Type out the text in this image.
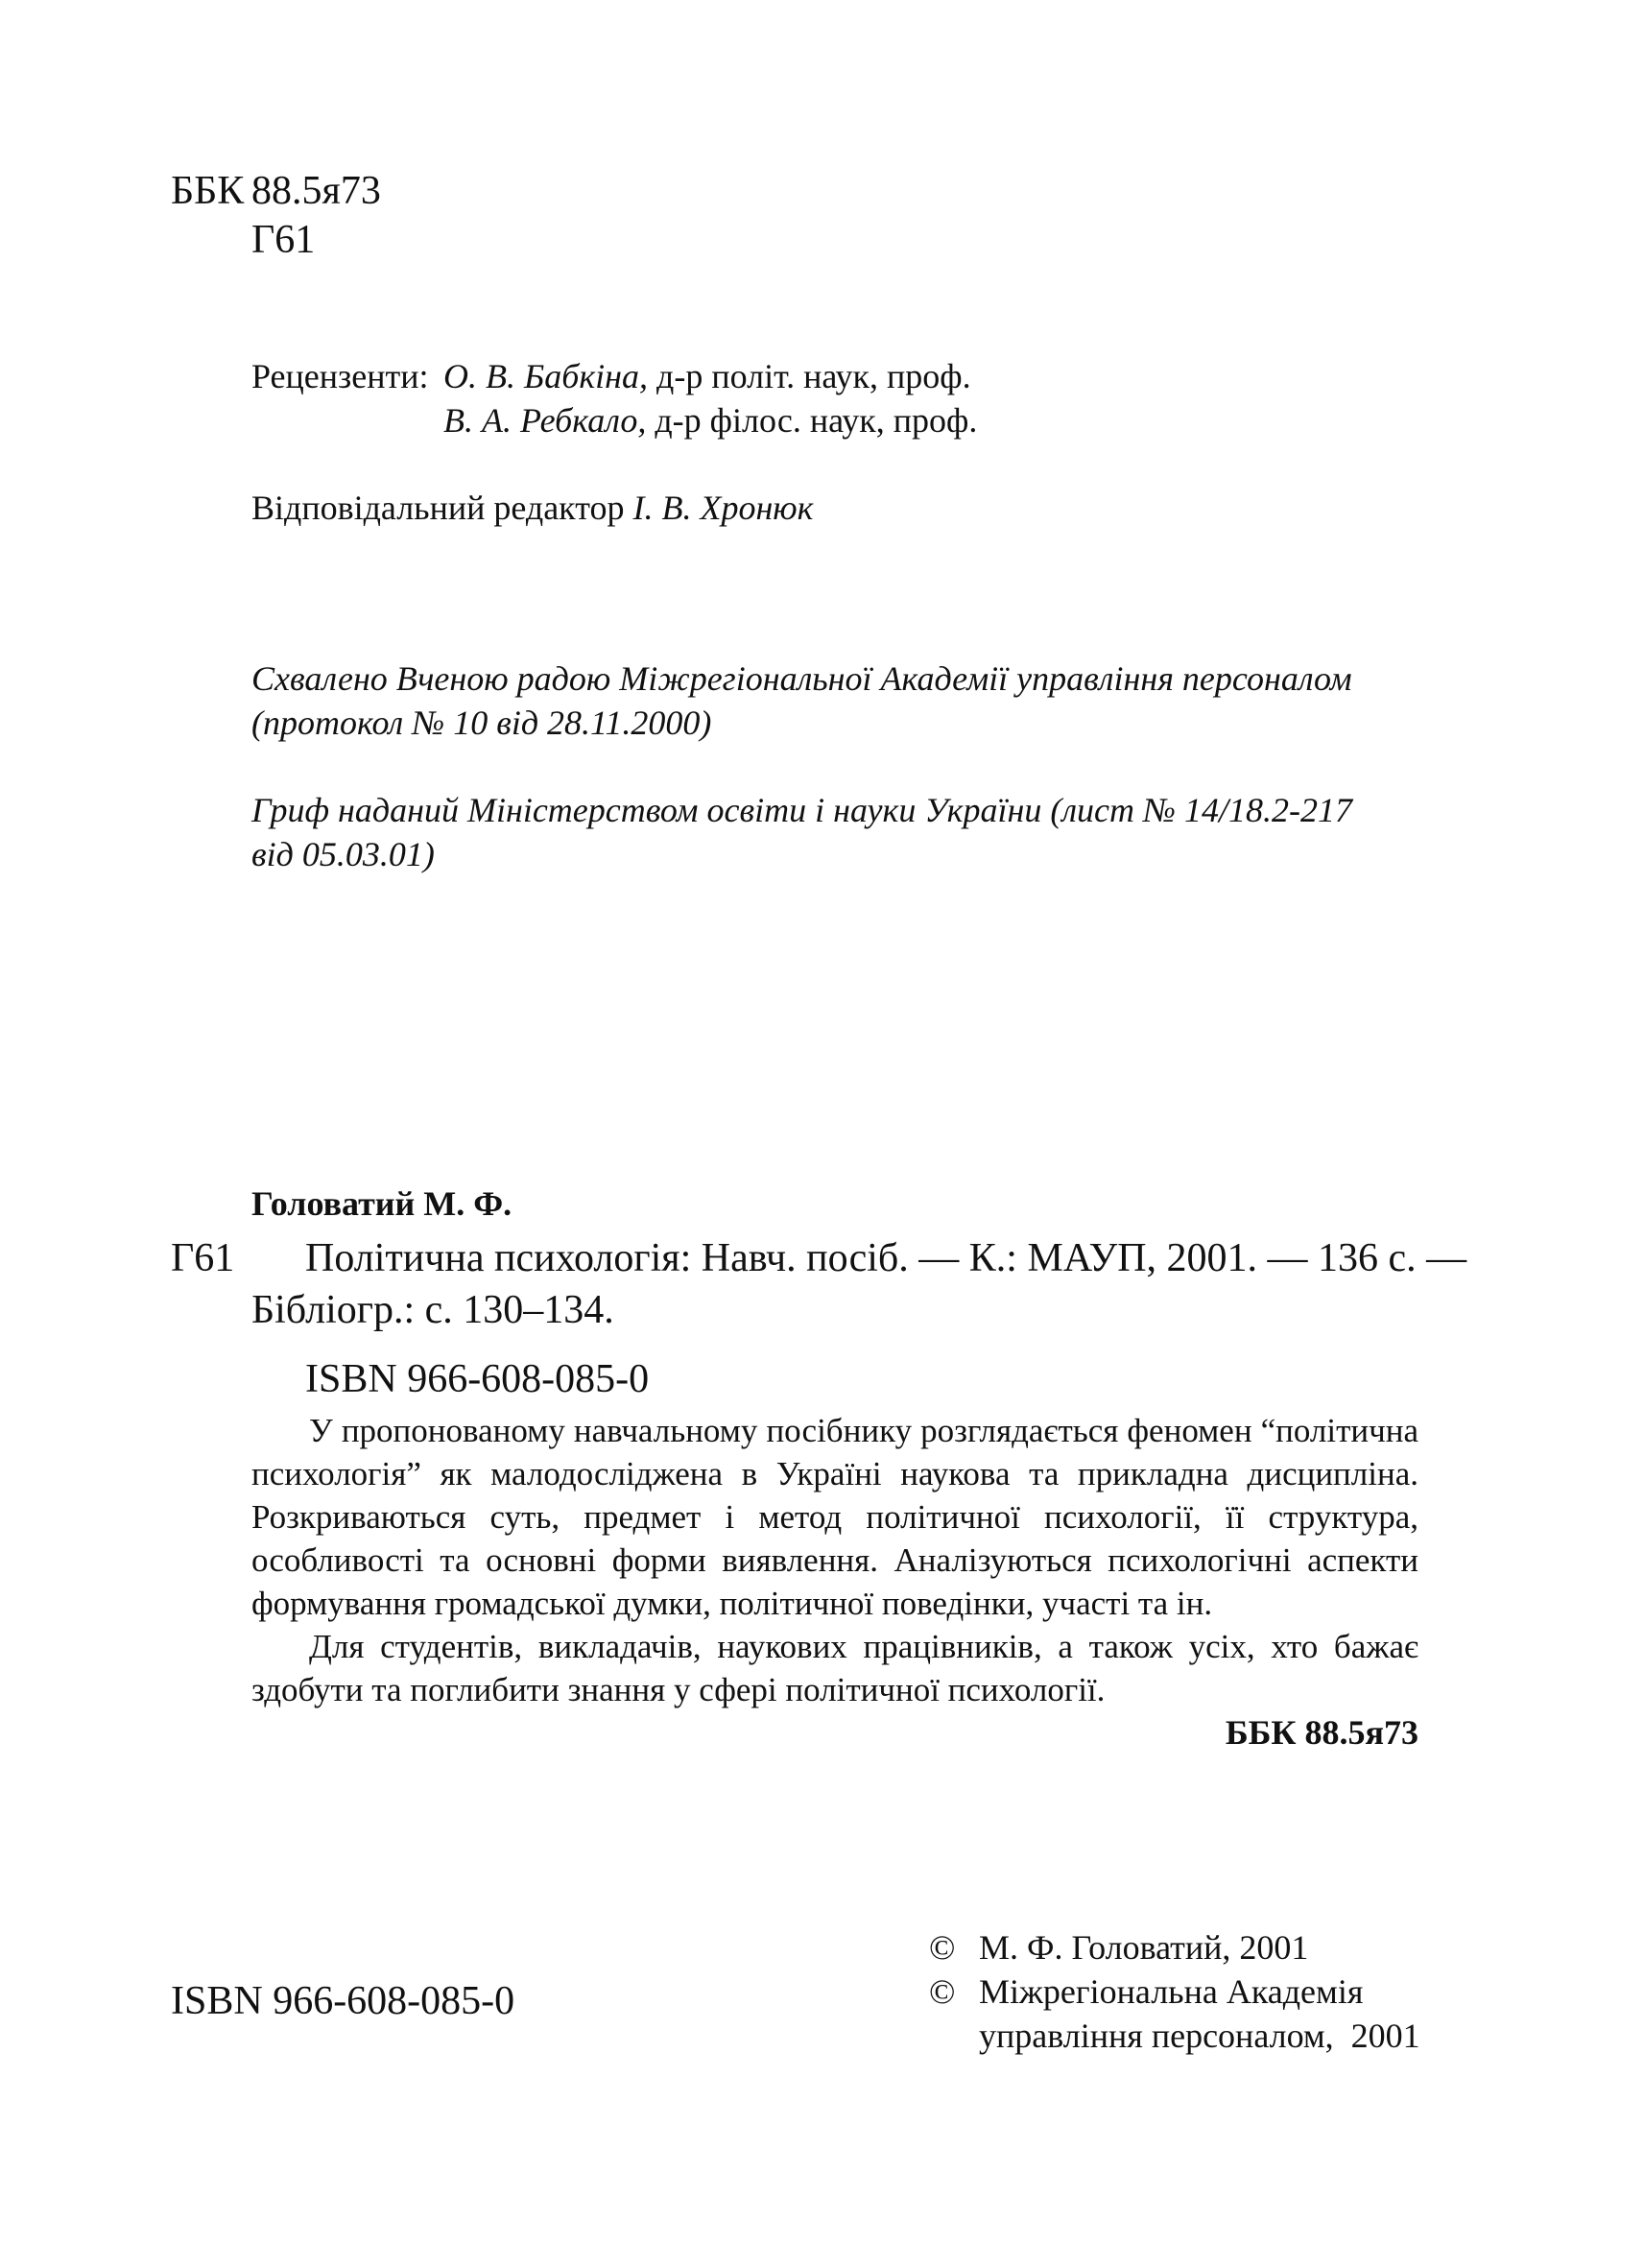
ББК 88.5я73
Г61
Рецензенти: О. В. Бабкіна, д-р політ. наук, проф.
В. А. Ребкало, д-р філос. наук, проф.
Відповідальний редактор І. В. Хронюк
Схвалено Вченою радою Міжрегіональної Академії управління персоналом
(протокол № 10 від 28.11.2000)
Гриф наданий Міністерством освіти і науки України (лист № 14/18.2-217
від 05.03.01)
Головатий М. Ф.
Г61 Політична психологія: Навч. посіб. — К.: МАУП, 2001. — 136 с. —
Бібліогр.: с. 130–134.
ISBN 966-608-085-0

У пропонованому навчальному посібнику розглядається феномен “політична психологія” як малодосліджена в Україні наукова та прикладна дисципліна. Розкриваються суть, предмет і метод політичної психології, її структура, особливості та основні форми виявлення. Аналізуються психологічні аспекти формування громадської думки, політичної поведінки, участі та ін.

Для студентів, викладачів, наукових працівників, а також усіх, хто бажає здобути та поглибити знання у сфері політичної психології.

ББК 88.5я73
ISBN 966-608-085-0
© М. Ф. Головатий, 2001
© Міжрегіональна Академія
управління персоналом,  2001
